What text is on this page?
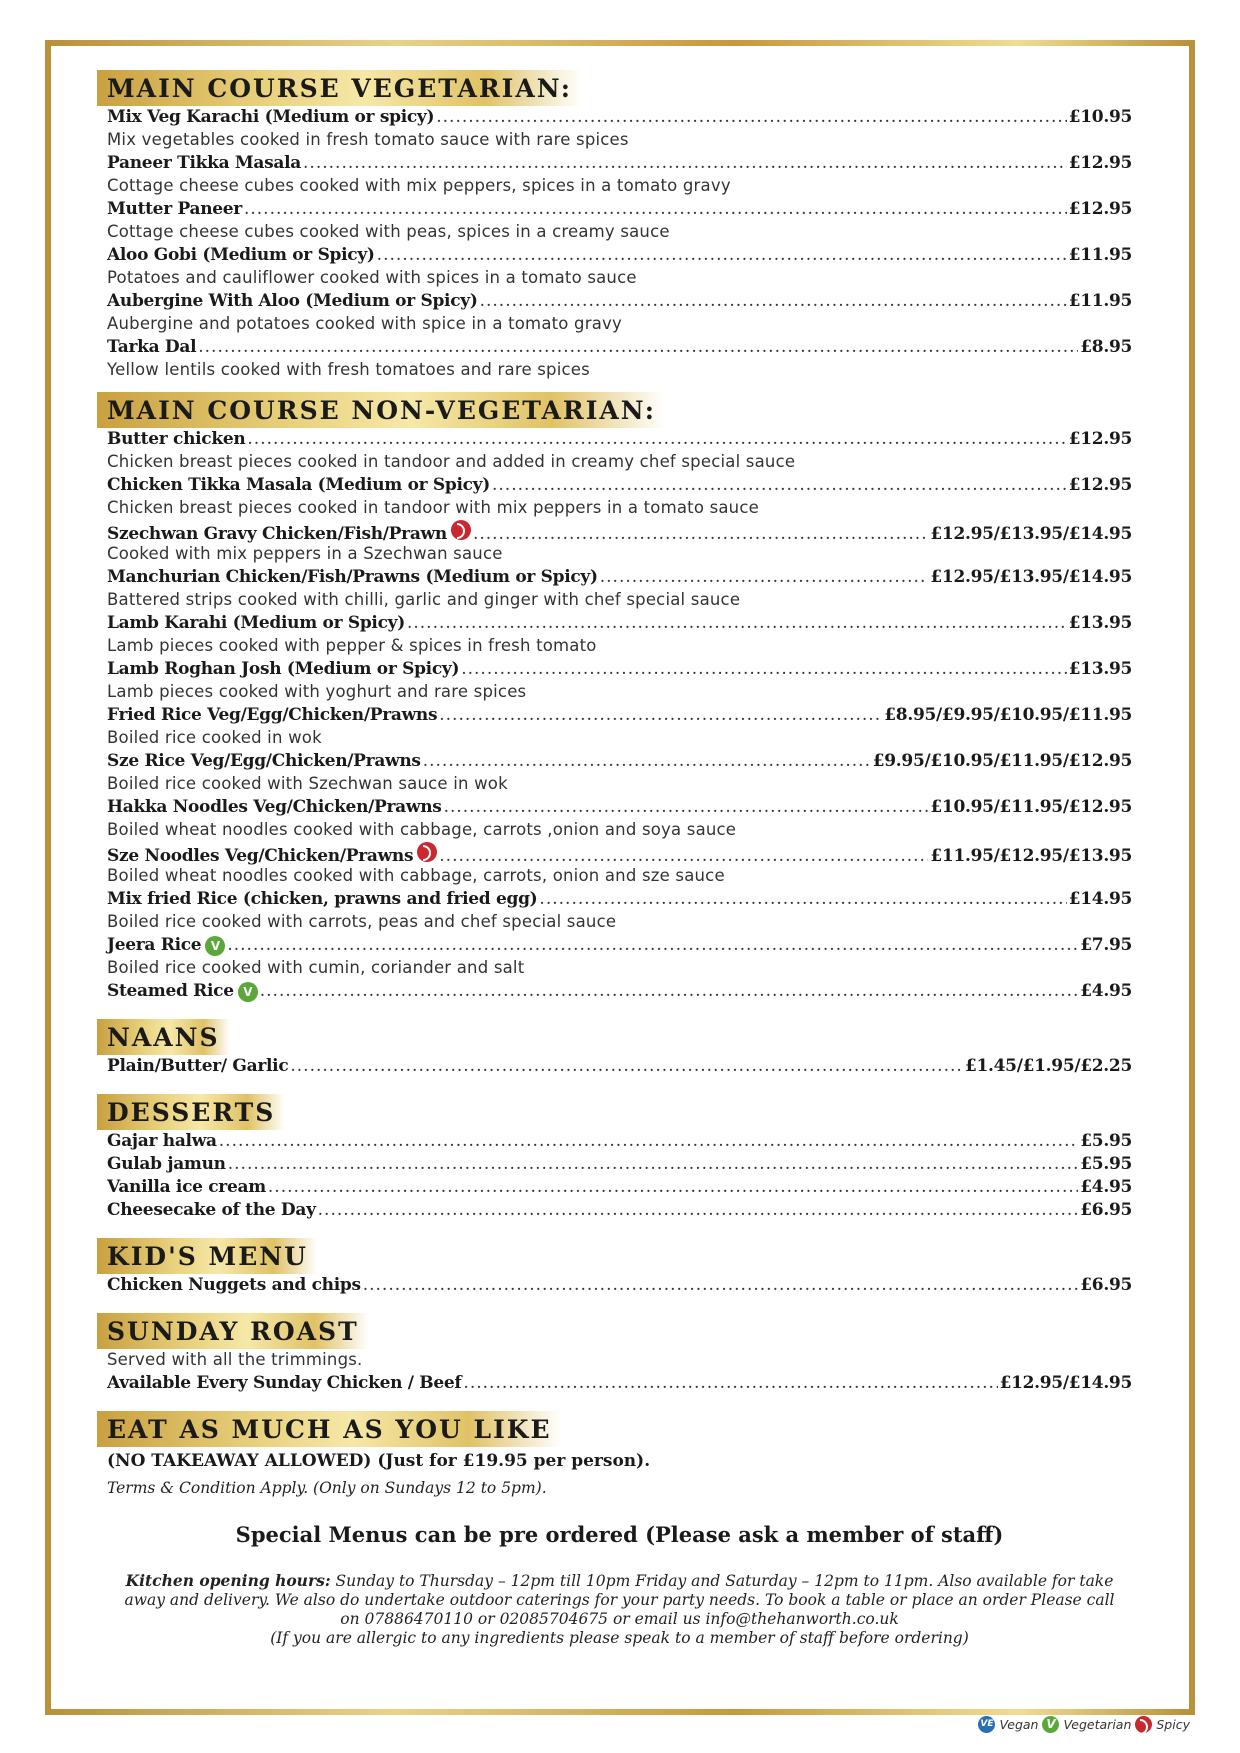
MAIN COURSE VEGETARIAN:
Mix Veg Karachi (Medium or spicy) .....	£10.95
Mix vegetables cooked in fresh tomato sauce with rare spices
Paneer Tikka Masala .....	£12.95
Cottage cheese cubes cooked with mix peppers, spices in a tomato gravy
Mutter Paneer .....	£12.95
Cottage cheese cubes cooked with peas, spices in a creamy sauce
Aloo Gobi (Medium or Spicy) .....	£11.95
Potatoes and cauliflower cooked with spices in a tomato sauce
Aubergine With Aloo (Medium or Spicy) .....	£11.95
Aubergine and potatoes cooked with spice in a tomato gravy
Tarka Dal .....	£8.95
Yellow lentils cooked with fresh tomatoes and rare spices
MAIN COURSE NON-VEGETARIAN:
Butter chicken .....	£12.95
Chicken breast pieces cooked in tandoor and added in creamy chef special sauce
Chicken Tikka Masala (Medium or Spicy) .....	£12.95
Chicken breast pieces cooked in tandoor with mix peppers in a tomato sauce
Szechwan Gravy Chicken/Fish/Prawn .....	£12.95/£13.95/£14.95
Cooked with mix peppers in a Szechwan sauce
Manchurian Chicken/Fish/Prawns (Medium or Spicy) .....	£12.95/£13.95/£14.95
Battered strips cooked with chilli, garlic and ginger with chef special sauce
Lamb Karahi (Medium or Spicy) .....	£13.95
Lamb pieces cooked with pepper & spices in fresh tomato
Lamb Roghan Josh (Medium or Spicy) .....	£13.95
Lamb pieces cooked with yoghurt and rare spices
Fried Rice Veg/Egg/Chicken/Prawns .....	£8.95/£9.95/£10.95/£11.95
Boiled rice cooked in wok
Sze Rice Veg/Egg/Chicken/Prawns .....	£9.95/£10.95/£11.95/£12.95
Boiled rice cooked with Szechwan sauce in wok
Hakka Noodles Veg/Chicken/Prawns .....	£10.95/£11.95/£12.95
Boiled wheat noodles cooked with cabbage, carrots ,onion and soya sauce
Sze Noodles Veg/Chicken/Prawns .....	£11.95/£12.95/£13.95
Boiled wheat noodles cooked with cabbage, carrots, onion and sze sauce
Mix fried Rice (chicken, prawns and fried egg) .....	£14.95
Boiled rice cooked with carrots, peas and chef special sauce
Jeera Rice V .....	£7.95
Boiled rice cooked with cumin, coriander and salt
Steamed Rice V .....	£4.95
NAANS
Plain/Butter/ Garlic .....	£1.45/£1.95/£2.25
DESSERTS
Gajar halwa .....	£5.95
Gulab jamun .....	£5.95
Vanilla ice cream .....	£4.95
Cheesecake of the Day .....	£6.95
KID'S MENU
Chicken Nuggets and chips .....	£6.95
SUNDAY ROAST
Served with all the trimmings.
Available Every Sunday Chicken / Beef .....	£12.95/£14.95
EAT AS MUCH AS YOU LIKE
(NO TAKEAWAY ALLOWED) (Just for £19.95 per person).
Terms & Condition Apply. (Only on Sundays 12 to 5pm).
Special Menus can be pre ordered (Please ask a member of staff)
Kitchen opening hours: Sunday to Thursday – 12pm till 10pm Friday and Saturday – 12pm to 11pm. Also available for take away and delivery. We also do undertake outdoor caterings for your party needs. To book a table or place an order Please call on 07886470110 or 02085704675 or email us info@thehanworth.co.uk
(If you are allergic to any ingredients please speak to a member of staff before ordering)
VE Vegan V Vegetarian Spicy
